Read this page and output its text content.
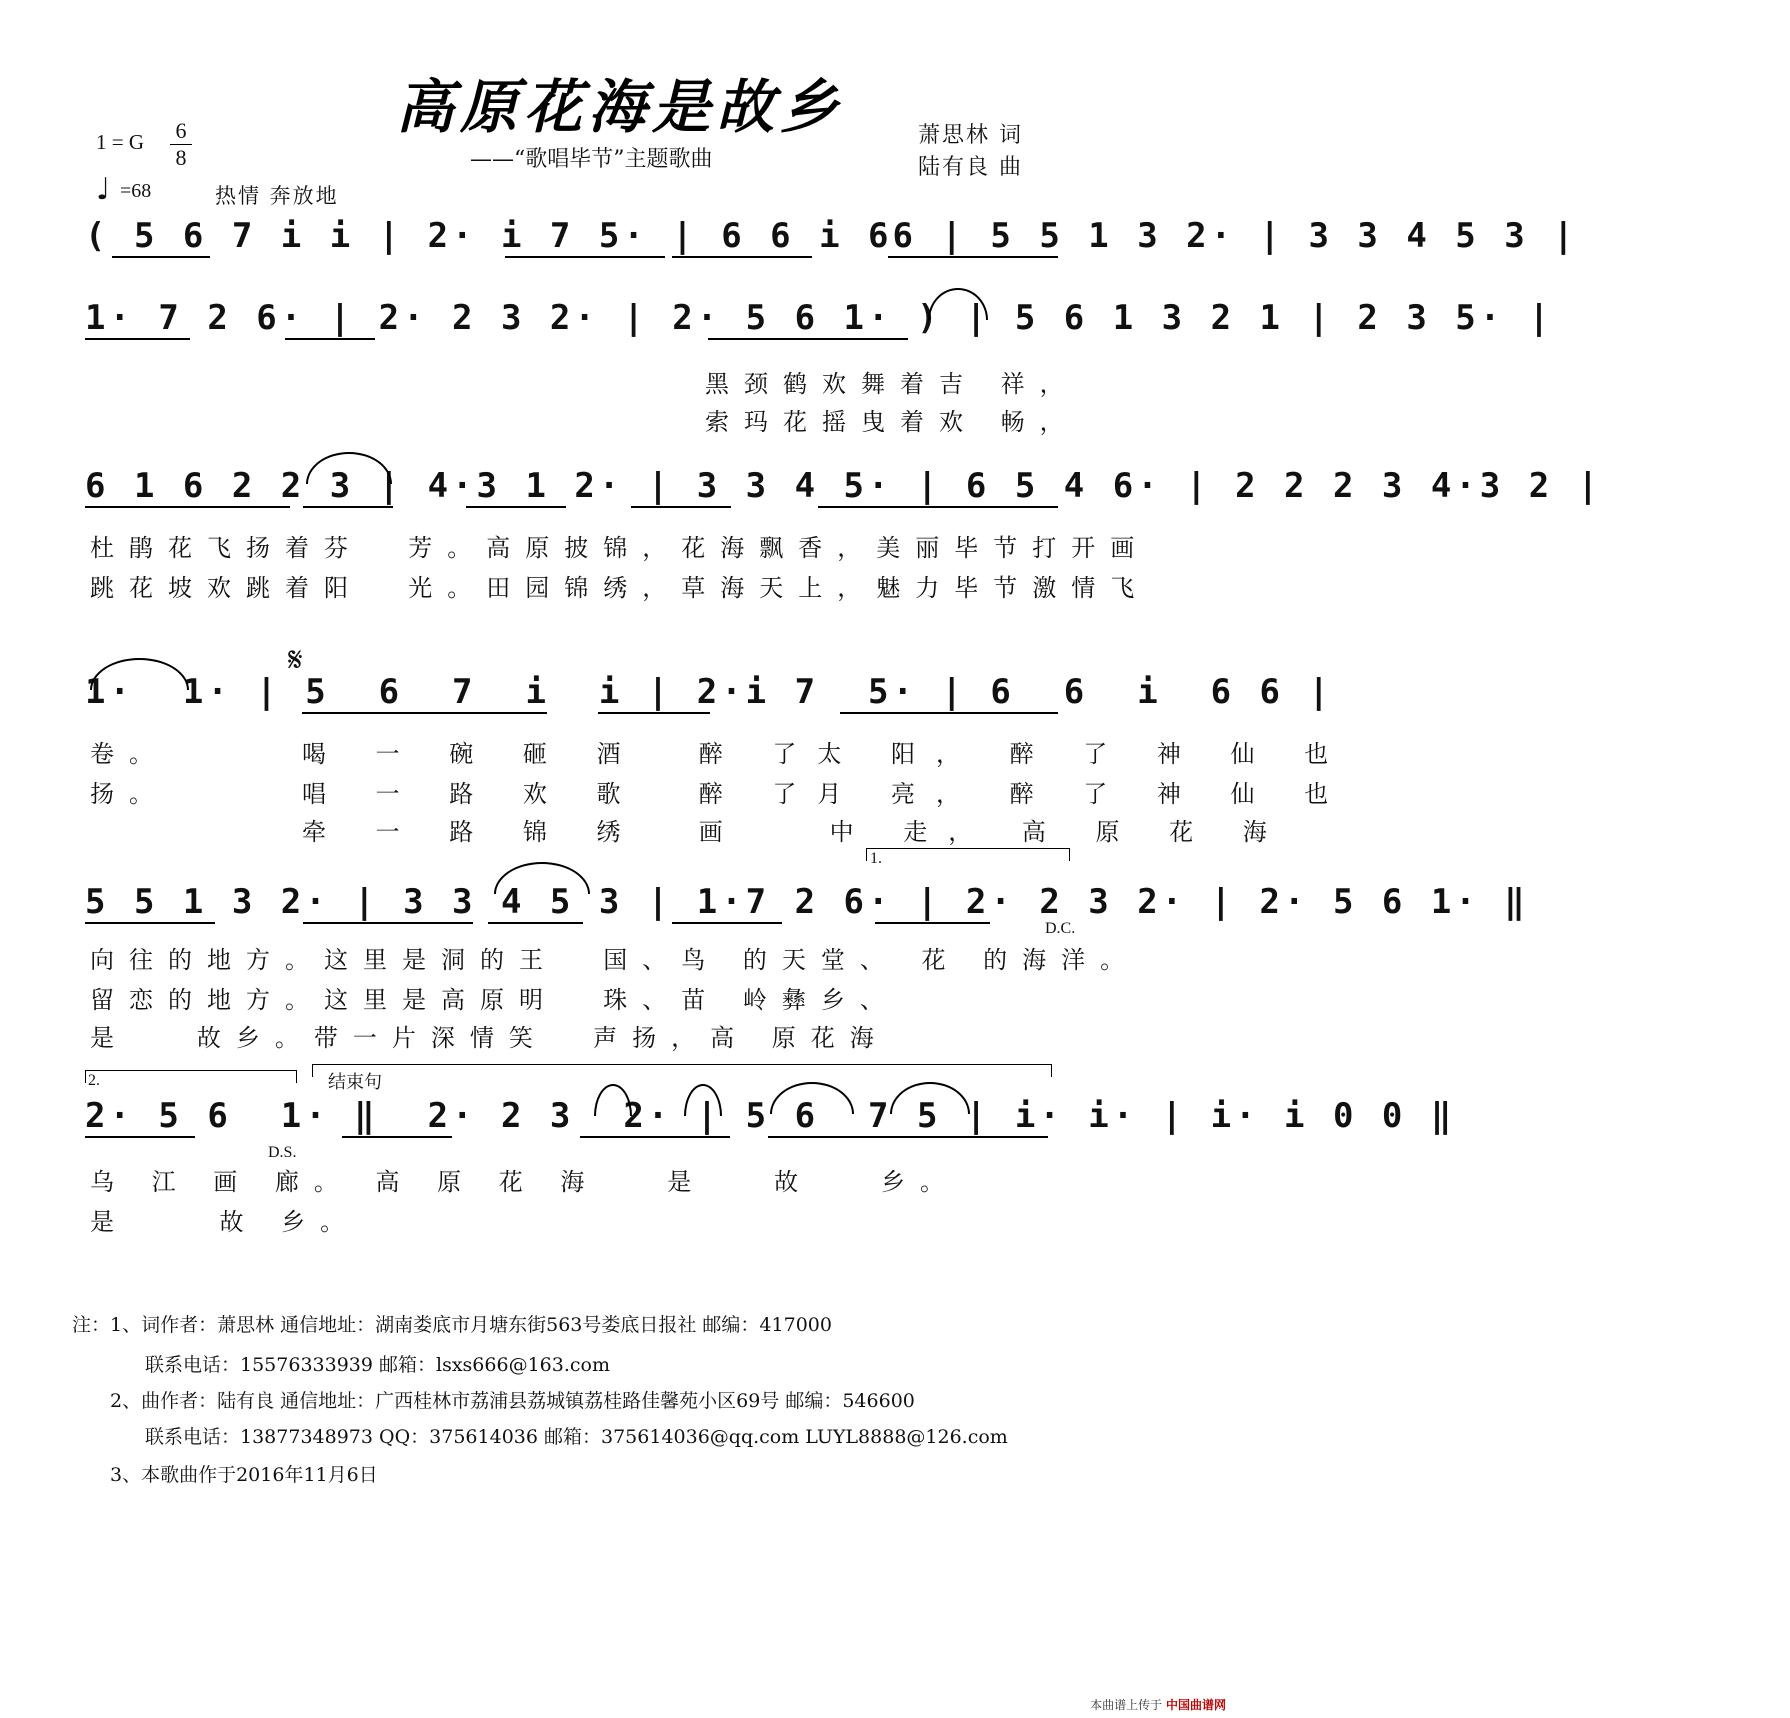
高原花海是故乡
——“歌唱毕节”主题歌曲
萧思林 词
陆有良 曲
1 = G 6
8
♩ =68	热情 奔放地
( 5 6 7 i i | 2· i 7 5· | 6 6 i 66 | 5 5 1 3 2· | 3 3 4 5 3 |
1· 7 2 6· | 2· 2 3 2· | 2· 5 6 1· ) | 5 6 1 3 2 1 | 2 3 5· |
黑颈鹤欢舞着吉 祥，
索玛花摇曳着欢 畅，
6 1 6 2 2 3 | 4·3 1 2· | 3 3 4 5· | 6 5 4 6· | 2 2 2 3 4·3 2 |
杜鹃花飞扬着芬  芳。高原披锦，花海飘香，美丽毕节打开画
跳花坡欢跳着阳  光。田园锦绣，草海天上，魅力毕节激情飞
𝄋
1·  1· | 5  6  7  i  i | 2·i 7  5· | 6  6  i  6 6 |
卷。	喝 一 碗 砸 酒  醉 了太 阳， 醉 了 神 仙 也
扬。	唱 一 路 欢 歌  醉 了月 亮， 醉 了 神 仙 也
牵 一 路 锦 绣  画   中 走， 高 原 花 海
1.
5 5 1 3 2· | 3 3 4 5 3 | 1·7 2 6· | 2· 2 3 2· | 2· 5 6 1· ‖
D.C.
向往的地方。这里是洞的王  国、鸟 的天堂、 花 的海洋。
留恋的地方。这里是高原明  珠、苗 岭彝乡、
是   故乡。带一片深情笑  声扬，高 原花海
2.	结束句
2· 5 6  1· ‖  2· 2 3  2· | 5 6  7 5 | i· i· | i· i 0 0 ‖
D.S.
乌 江 画 廊。 高 原 花 海   是   故   乡。
是    故 乡。
注：1、词作者：萧思林 通信地址：湖南娄底市月塘东街563号娄底日报社 邮编：417000
联系电话：15576333939 邮箱：lsxs666@163.com
2、曲作者：陆有良 通信地址：广西桂林市荔浦县荔城镇荔桂路佳馨苑小区69号 邮编：546600
联系电话：13877348973 QQ：375614036 邮箱：375614036@qq.com LUYL8888@126.com
3、本歌曲作于2016年11月6日
本曲谱上传于 中国曲谱网
